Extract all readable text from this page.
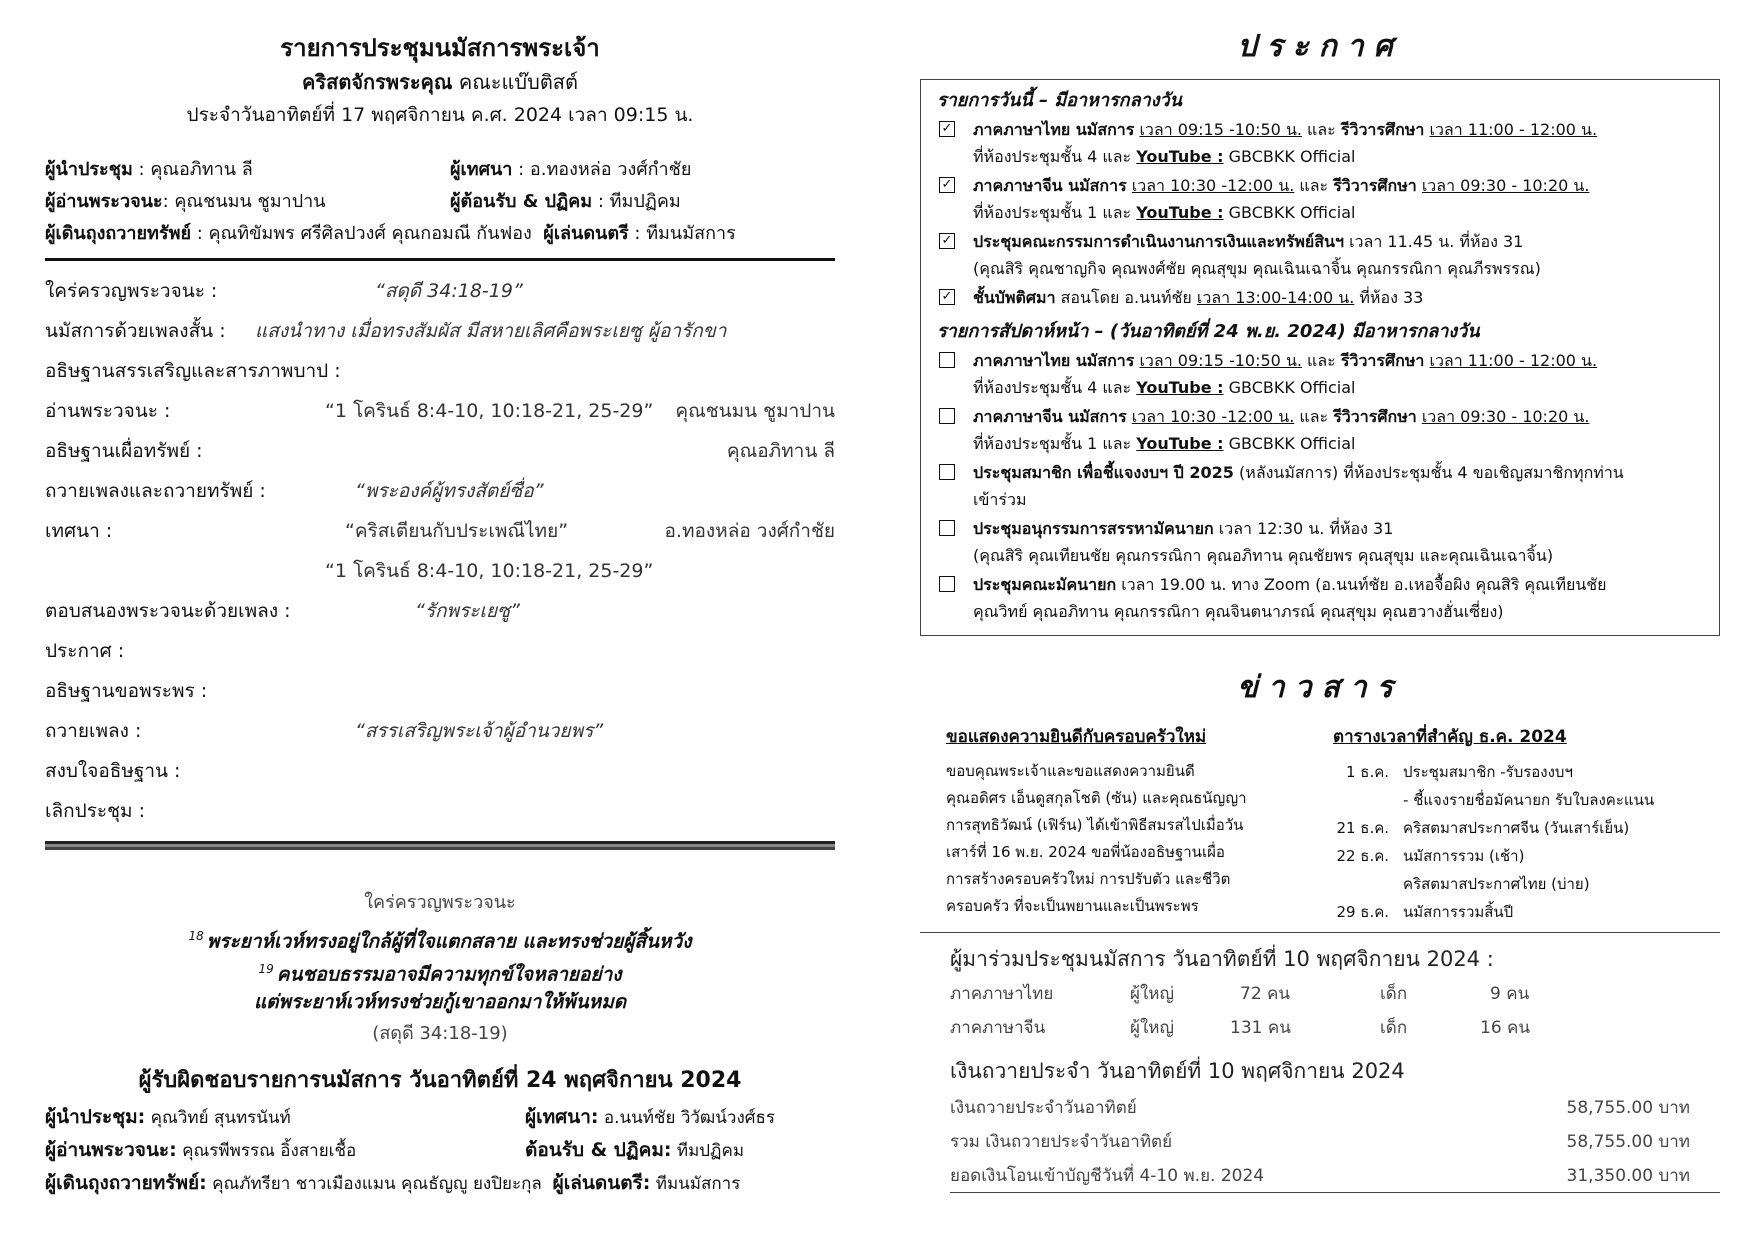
รายการประชุมนมัสการพระเจ้า
คริสตจักรพระคุณ คณะแบ๊บติสต์
ประจำวันอาทิตย์ที่ 17 พฤศจิกายน ค.ศ. 2024 เวลา 09:15 น.
ผู้นำประชุม : คุณอภิทาน ลี	ผู้เทศนา : อ.ทองหล่อ วงศ์กำชัย
ผู้อ่านพระวจนะ: คุณชนมน ชูมาปาน	ผู้ต้อนรับ & ปฏิคม : ทีมปฏิคม
ผู้เดินถุงถวายทรัพย์ : คุณทิขัมพร ศรีศิลปวงศ์ คุณกอมณี กันฟอง ผู้เล่นดนตรี : ทีมนมัสการ
ใคร่ครวญพระวจนะ :	“สดุดี 34:18-19”
นมัสการด้วยเพลงสั้น : แสงนำทาง เมื่อทรงสัมผัส มีสหายเลิศคือพระเยซู ผู้อารักขา
อธิษฐานสรรเสริญและสารภาพบาป :
อ่านพระวจนะ :	“1 โครินธ์ 8:4-10, 10:18-21, 25-29” คุณชนมน ชูมาปาน
อธิษฐานเผื่อทรัพย์ :	คุณอภิทาน ลี
ถวายเพลงและถวายทรัพย์ :	“พระองค์ผู้ทรงสัตย์ซื่อ”
เทศนา :	“คริสเตียนกับประเพณีไทย”	อ.ทองหล่อ วงศ์กำชัย
“1 โครินธ์ 8:4-10, 10:18-21, 25-29”
ตอบสนองพระวจนะด้วยเพลง :	“รักพระเยซู”
ประกาศ :
อธิษฐานขอพระพร :
ถวายเพลง :	“สรรเสริญพระเจ้าผู้อำนวยพร”
สงบใจอธิษฐาน :
เลิกประชุม :
ใคร่ครวญพระวจนะ
$^{18}$ พระยาห์เวห์ทรงอยู่ใกล้ผู้ที่ใจแตกสลาย และทรงช่วยผู้สิ้นหวัง
$^{19}$ คนชอบธรรมอาจมีความทุกข์ใจหลายอย่าง
แต่พระยาห์เวห์ทรงช่วยกู้เขาออกมาให้พ้นหมด
(สดุดี 34:18-19)
ผู้รับผิดชอบรายการนมัสการ วันอาทิตย์ที่ 24 พฤศจิกายน 2024
ผู้นำประชุม: คุณวิทย์ สุนทรนันท์	ผู้เทศนา: อ.นนท์ชัย วิวัฒน์วงศ์ธร
ผู้อ่านพระวจนะ: คุณรพีพรรณ อิ้งสายเชื้อ	ต้อนรับ & ปฏิคม: ทีมปฏิคม
ผู้เดินถุงถวายทรัพย์: คุณภัทรียา ชาวเมืองแมน คุณธัญญู ยงปิยะกุล ผู้เล่นดนตรี: ทีมนมัสการ
ประกาศ
รายการวันนี้ – มีอาหารกลางวัน
✓ ภาคภาษาไทย นมัสการ เวลา 09:15 -10:50 น. และ รีวิวารศึกษา เวลา 11:00 - 12:00 น.
ที่ห้องประชุมชั้น 4 และ YouTube : GBCBKK Official
✓ ภาคภาษาจีน นมัสการ เวลา 10:30 -12:00 น. และ รีวิวารศึกษา เวลา 09:30 - 10:20 น.
ที่ห้องประชุมชั้น 1 และ YouTube : GBCBKK Official
✓ ประชุมคณะกรรมการดำเนินงานการเงินและทรัพย์สินฯ เวลา 11.45 น. ที่ห้อง 31
(คุณสิริ คุณชาญกิจ คุณพงศ์ชัย คุณสุขุม คุณเฉินเฉาจิ้น คุณกรรณิกา คุณภีรพรรณ)
✓ ชั้นบัพติศมา สอนโดย อ.นนท์ชัย เวลา 13:00-14:00 น. ที่ห้อง 33
รายการสัปดาห์หน้า – (วันอาทิตย์ที่ 24 พ.ย. 2024) มีอาหารกลางวัน
ภาคภาษาไทย นมัสการ เวลา 09:15 -10:50 น. และ รีวิวารศึกษา เวลา 11:00 - 12:00 น.
ที่ห้องประชุมชั้น 4 และ YouTube : GBCBKK Official
ภาคภาษาจีน นมัสการ เวลา 10:30 -12:00 น. และ รีวิวารศึกษา เวลา 09:30 - 10:20 น.
ที่ห้องประชุมชั้น 1 และ YouTube : GBCBKK Official
ประชุมสมาชิก เพื่อชี้แจงงบฯ ปี 2025 (หลังนมัสการ) ที่ห้องประชุมชั้น 4 ขอเชิญสมาชิกทุกท่าน
เข้าร่วม
ประชุมอนุกรรมการสรรหามัคนายก เวลา 12:30 น. ที่ห้อง 31
(คุณสิริ คุณเทียนชัย คุณกรรณิกา คุณอภิทาน คุณชัยพร คุณสุขุม และคุณเฉินเฉาจิ้น)
ประชุมคณะมัคนายก เวลา 19.00 น. ทาง Zoom (อ.นนท์ชัย อ.เหอจื้อผิง คุณสิริ คุณเทียนชัย
คุณวิทย์ คุณอภิทาน คุณกรรณิกา คุณจินตนาภรณ์ คุณสุขุม คุณฮวางฮั่นเซี่ยง)
ข่าวสาร
ขอแสดงความยินดีกับครอบครัวใหม่
ขอบคุณพระเจ้าและขอแสดงความยินดี
คุณอดิศร เอ็นดูสกุลโชติ (ซัน) และคุณธนัญญา
การสุทธิวัฒน์ (เฟิร์น) ได้เข้าพิธีสมรสไปเมื่อวัน
เสาร์ที่ 16 พ.ย. 2024 ขอพี่น้องอธิษฐานเผื่อ
การสร้างครอบครัวใหม่ การปรับตัว และชีวิต
ครอบครัว ที่จะเป็นพยานและเป็นพระพร
ตารางเวลาที่สำคัญ ธ.ค. 2024
1 ธ.ค. ประชุมสมาชิก -รับรองงบฯ
- ชี้แจงรายชื่อมัคนายก รับใบลงคะแนน
21 ธ.ค. คริสตมาสประกาศจีน (วันเสาร์เย็น)
22 ธ.ค. นมัสการรวม (เช้า)
คริสตมาสประกาศไทย (บ่าย)
29 ธ.ค. นมัสการรวมสิ้นปี
ผู้มาร่วมประชุมนมัสการ วันอาทิตย์ที่ 10 พฤศจิกายน 2024 :
ภาคภาษาไทย	ผู้ใหญ่	72 คน	เด็ก	9 คน
ภาคภาษาจีน	ผู้ใหญ่	131 คน	เด็ก	16 คน
เงินถวายประจำ วันอาทิตย์ที่ 10 พฤศจิกายน 2024
เงินถวายประจำวันอาทิตย์	58,755.00 บาท
รวม เงินถวายประจำวันอาทิตย์	58,755.00 บาท
ยอดเงินโอนเข้าบัญชีวันที่ 4-10 พ.ย. 2024	31,350.00 บาท
